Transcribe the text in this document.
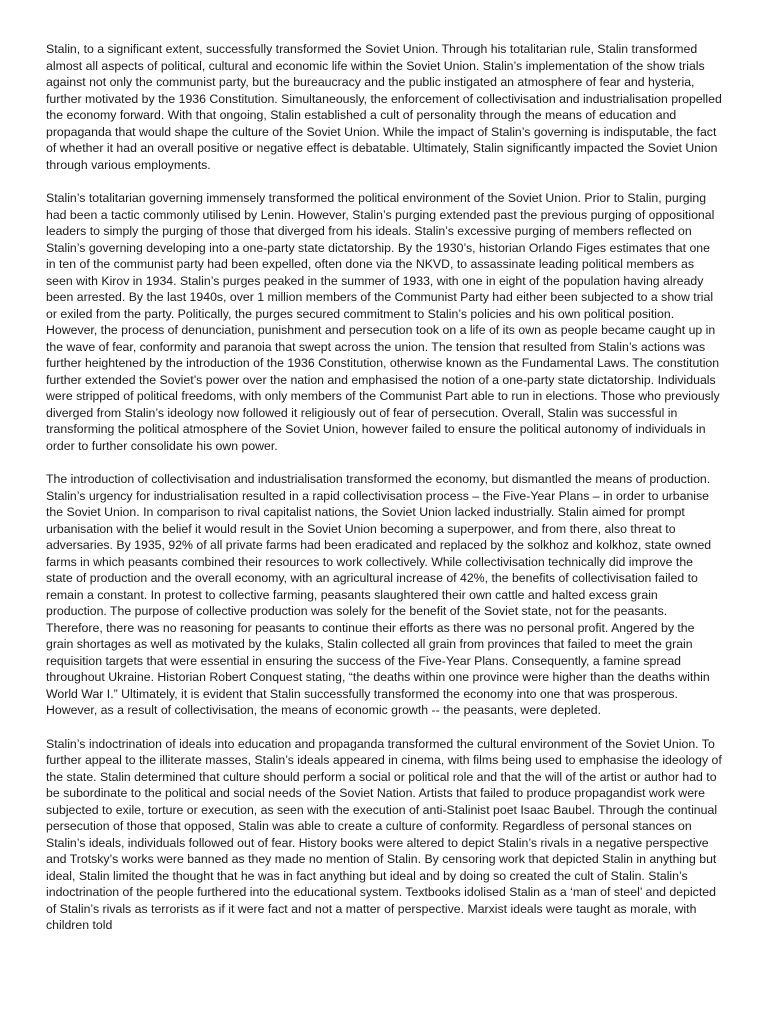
Stalin, to a significant extent, successfully transformed the Soviet Union. Through his totalitarian rule, Stalin transformed almost all aspects of political, cultural and economic life within the Soviet Union. Stalin’s implementation of the show trials against not only the communist party, but the bureaucracy and the public instigated an atmosphere of fear and hysteria, further motivated by the 1936 Constitution. Simultaneously, the enforcement of collectivisation and industrialisation propelled the economy forward. With that ongoing, Stalin established a cult of personality through the means of education and propaganda that would shape the culture of the Soviet Union. While the impact of Stalin’s governing is indisputable, the fact of whether it had an overall positive or negative effect is debatable. Ultimately, Stalin significantly impacted the Soviet Union through various employments.

Stalin’s totalitarian governing immensely transformed the political environment of the Soviet Union. Prior to Stalin, purging had been a tactic commonly utilised by Lenin. However, Stalin’s purging extended past the previous purging of oppositional leaders to simply the purging of those that diverged from his ideals. Stalin’s excessive purging of members reflected on Stalin’s governing developing into a one-party state dictatorship. By the 1930’s, historian Orlando Figes estimates that one in ten of the communist party had been expelled, often done via the NKVD, to assassinate leading political members as seen with Kirov in 1934. Stalin’s purges peaked in the summer of 1933, with one in eight of the population having already been arrested. By the last 1940s, over 1 million members of the Communist Party had either been subjected to a show trial or exiled from the party. Politically, the purges secured commitment to Stalin’s policies and his own political position. However, the process of denunciation, punishment and persecution took on a life of its own as people became caught up in the wave of fear, conformity and paranoia that swept across the union. The tension that resulted from Stalin’s actions was further heightened by the introduction of the 1936 Constitution, otherwise known as the Fundamental Laws. The constitution further extended the Soviet’s power over the nation and emphasised the notion of a one-party state dictatorship. Individuals were stripped of political freedoms, with only members of the Communist Part able to run in elections. Those who previously diverged from Stalin’s ideology now followed it religiously out of fear of persecution. Overall, Stalin was successful in transforming the political atmosphere of the Soviet Union, however failed to ensure the political autonomy of individuals in order to further consolidate his own power.

The introduction of collectivisation and industrialisation transformed the economy, but dismantled the means of production. Stalin’s urgency for industrialisation resulted in a rapid collectivisation process – the Five-Year Plans – in order to urbanise the Soviet Union. In comparison to rival capitalist nations, the Soviet Union lacked industrially. Stalin aimed for prompt urbanisation with the belief it would result in the Soviet Union becoming a superpower, and from there, also threat to adversaries. By 1935, 92% of all private farms had been eradicated and replaced by the solkhoz and kolkhoz, state owned farms in which peasants combined their resources to work collectively. While collectivisation technically did improve the state of production and the overall economy, with an agricultural increase of 42%, the benefits of collectivisation failed to remain a constant. In protest to collective farming, peasants slaughtered their own cattle and halted excess grain production. The purpose of collective production was solely for the benefit of the Soviet state, not for the peasants. Therefore, there was no reasoning for peasants to continue their efforts as there was no personal profit. Angered by the grain shortages as well as motivated by the kulaks, Stalin collected all grain from provinces that failed to meet the grain requisition targets that were essential in ensuring the success of the Five-Year Plans. Consequently, a famine spread throughout Ukraine. Historian Robert Conquest stating, “the deaths within one province were higher than the deaths within World War I.” Ultimately, it is evident that Stalin successfully transformed the economy into one that was prosperous. However, as a result of collectivisation, the means of economic growth -- the peasants, were depleted.

Stalin’s indoctrination of ideals into education and propaganda transformed the cultural environment of the Soviet Union. To further appeal to the illiterate masses, Stalin’s ideals appeared in cinema, with films being used to emphasise the ideology of the state. Stalin determined that culture should perform a social or political role and that the will of the artist or author had to be subordinate to the political and social needs of the Soviet Nation. Artists that failed to produce propagandist work were subjected to exile, torture or execution, as seen with the execution of anti-Stalinist poet Isaac Baubel. Through the continual persecution of those that opposed, Stalin was able to create a culture of conformity. Regardless of personal stances on Stalin’s ideals, individuals followed out of fear. History books were altered to depict Stalin’s rivals in a negative perspective and Trotsky’s works were banned as they made no mention of Stalin. By censoring work that depicted Stalin in anything but ideal, Stalin limited the thought that he was in fact anything but ideal and by doing so created the cult of Stalin. Stalin’s indoctrination of the people furthered into the educational system. Textbooks idolised Stalin as a ‘man of steel’ and depicted of Stalin’s rivals as terrorists as if it were fact and not a matter of perspective. Marxist ideals were taught as morale, with children told
